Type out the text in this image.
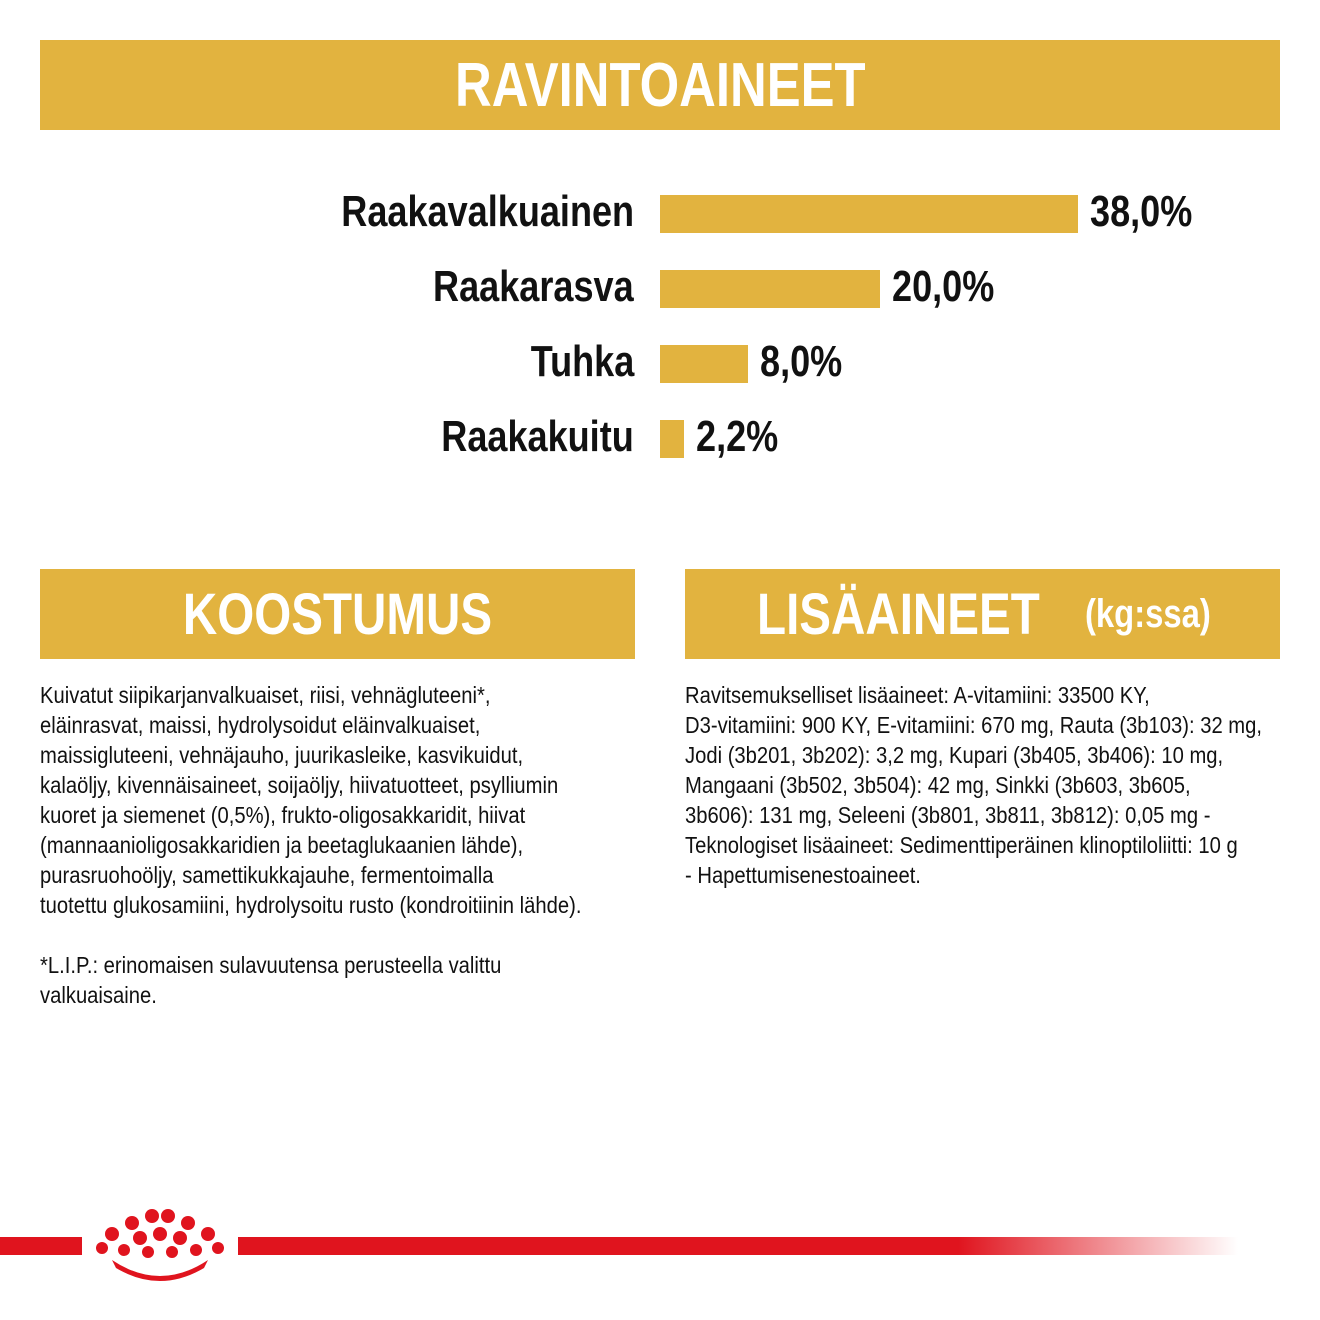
RAVINTOAINEET
Raakavalkuainen	38,0%
Raakarasva	20,0%
Tuhka	8,0%
Raakakuitu 2,2%
KOOSTUMUS	LISÄAINEET (kg:ssa)

Kuivatut siipikarjanvalkuaiset, riisi, vehnägluteeni*,
eläinrasvat, maissi, hydrolysoidut eläinvalkuaiset,
maissigluteeni, vehnäjauho, juurikasleike, kasvikuidut,
kalaöljy, kivennäisaineet, soijaöljy, hiivatuotteet, psylliumin
kuoret ja siemenet (0,5%), frukto-oligosakkaridit, hiivat
(mannaanioligosakkaridien ja beetaglukaanien lähde),
purasruohoöljy, samettikukkajauhe, fermentoimalla
tuotettu glukosamiini, hydrolysoitu rusto (kondroitiinin lähde).

*L.I.P.: erinomaisen sulavuutensa perusteella valittu
valkuaisaine.

Ravitsemukselliset lisäaineet: A-vitamiini: 33500 KY,
D3-vitamiini: 900 KY, E-vitamiini: 670 mg, Rauta (3b103): 32 mg,
Jodi (3b201, 3b202): 3,2 mg, Kupari (3b405, 3b406): 10 mg,
Mangaani (3b502, 3b504): 42 mg, Sinkki (3b603, 3b605,
3b606): 131 mg, Seleeni (3b801, 3b811, 3b812): 0,05 mg -
Teknologiset lisäaineet: Sedimenttiperäinen klinoptiloliitti: 10 g
- Hapettumisenestoaineet.
